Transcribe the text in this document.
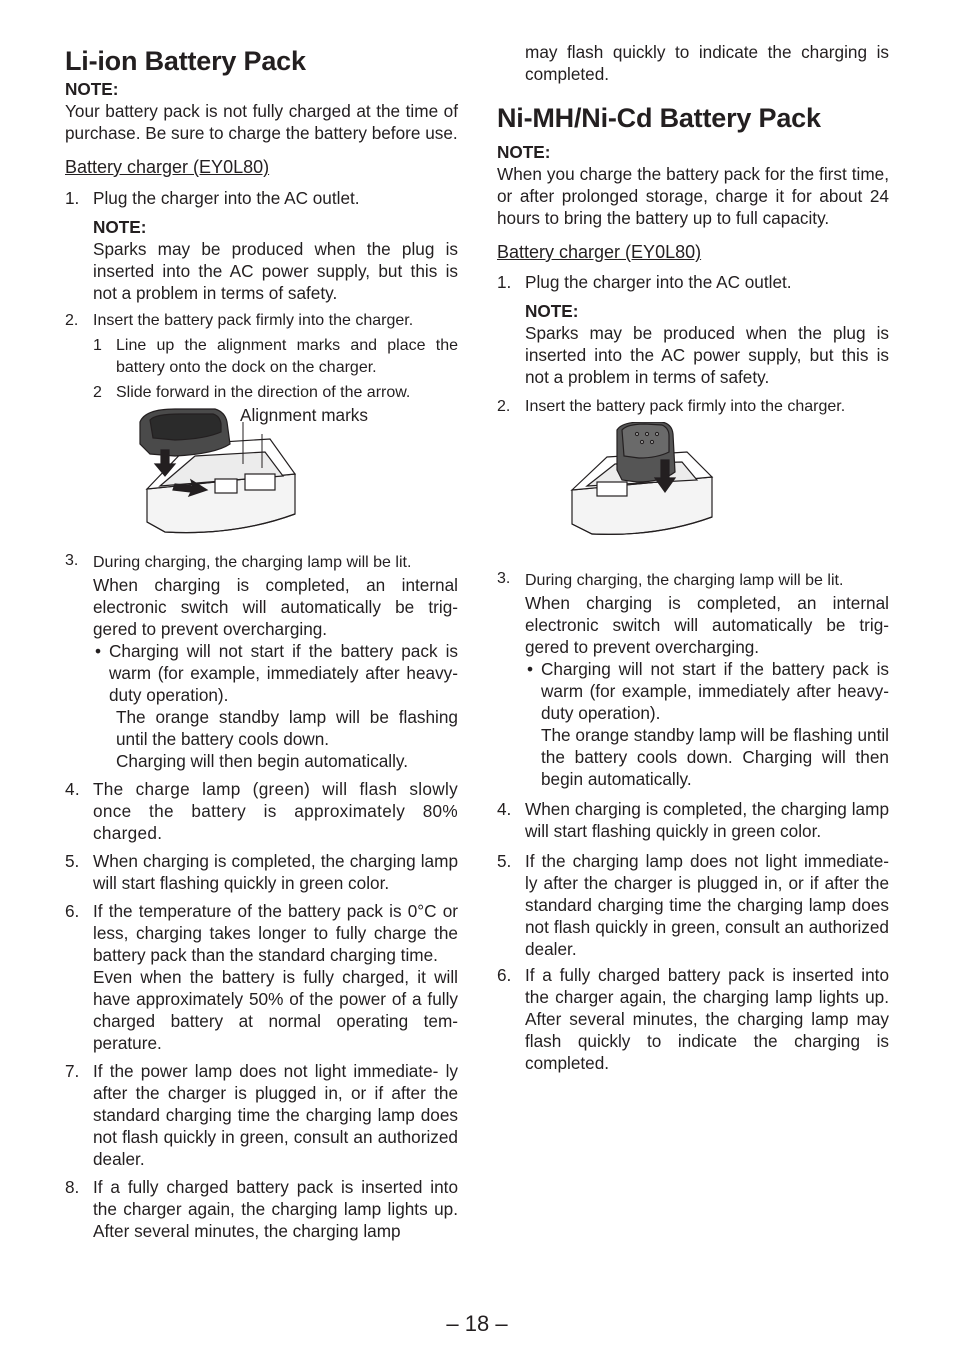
Li-ion Battery Pack
NOTE:

Your battery pack is not fully charged at the time of purchase. Be sure to charge the battery before use.

Battery charger (EY0L80)
1. Plug the charger into the AC outlet.
NOTE:

Sparks may be produced when the plug is inserted into the AC power supply, but this is not a problem in terms of safety.

2. Insert the battery pack firmly into the charger.
1 Line up the alignment marks and place the battery onto the dock on the charger.
2 Slide forward in the direction of the arrow.
Alignment marks
3. During charging, the charging lamp will be lit.

When charging is completed, an internal electronic switch will automatically be trig- gered to prevent overcharging.

• Charging will not start if the battery pack is warm (for example, immediately after heavy-duty operation).
The orange standby lamp will be flashing until the battery cools down.
Charging will then begin automatically.
4. The charge lamp (green) will flash slowly once the battery is approximately 80% charged.
5. When charging is completed, the charging lamp will start flashing quickly in green color.
6. If the temperature of the battery pack is 0°C or less, charging takes longer to fully charge the battery pack than the standard charging time.

Even when the battery is fully charged, it will have approximately 50% of the power of a fully charged battery at normal operating tem- perature.

7. If the power lamp does not light immediate- ly after the charger is plugged in, or if after the standard charging time the charging lamp does not flash quickly in green, consult an authorized dealer.
8. If a fully charged battery pack is inserted into the charger again, the charging lamp lights up. After several minutes, the charging lamp

may flash quickly to indicate the charging is completed.

Ni-MH/Ni-Cd Battery Pack
NOTE:

When you charge the battery pack for the first time, or after prolonged storage, charge it for about 24 hours to bring the battery up to full capacity.

Battery charger (EY0L80)
1. Plug the charger into the AC outlet.
NOTE:

Sparks may be produced when the plug is inserted into the AC power supply, but this is not a problem in terms of safety.

2. Insert the battery pack firmly into the charger.
3. During charging, the charging lamp will be lit.

When charging is completed, an internal electronic switch will automatically be trig- gered to prevent overcharging.

• Charging will not start if the battery pack is warm (for example, immediately after heavy-duty operation).

The orange standby lamp will be flashing until the battery cools down. Charging will then begin automatically.

4. When charging is completed, the charging lamp will start flashing quickly in green color.
5. If the charging lamp does not light immediate- ly after the charger is plugged in, or if after the standard charging time the charging lamp does not flash quickly in green, consult an authorized dealer.
6. If a fully charged battery pack is inserted into the charger again, the charging lamp lights up. After several minutes, the charging lamp may flash quickly to indicate the charging is completed.
– 18 –
